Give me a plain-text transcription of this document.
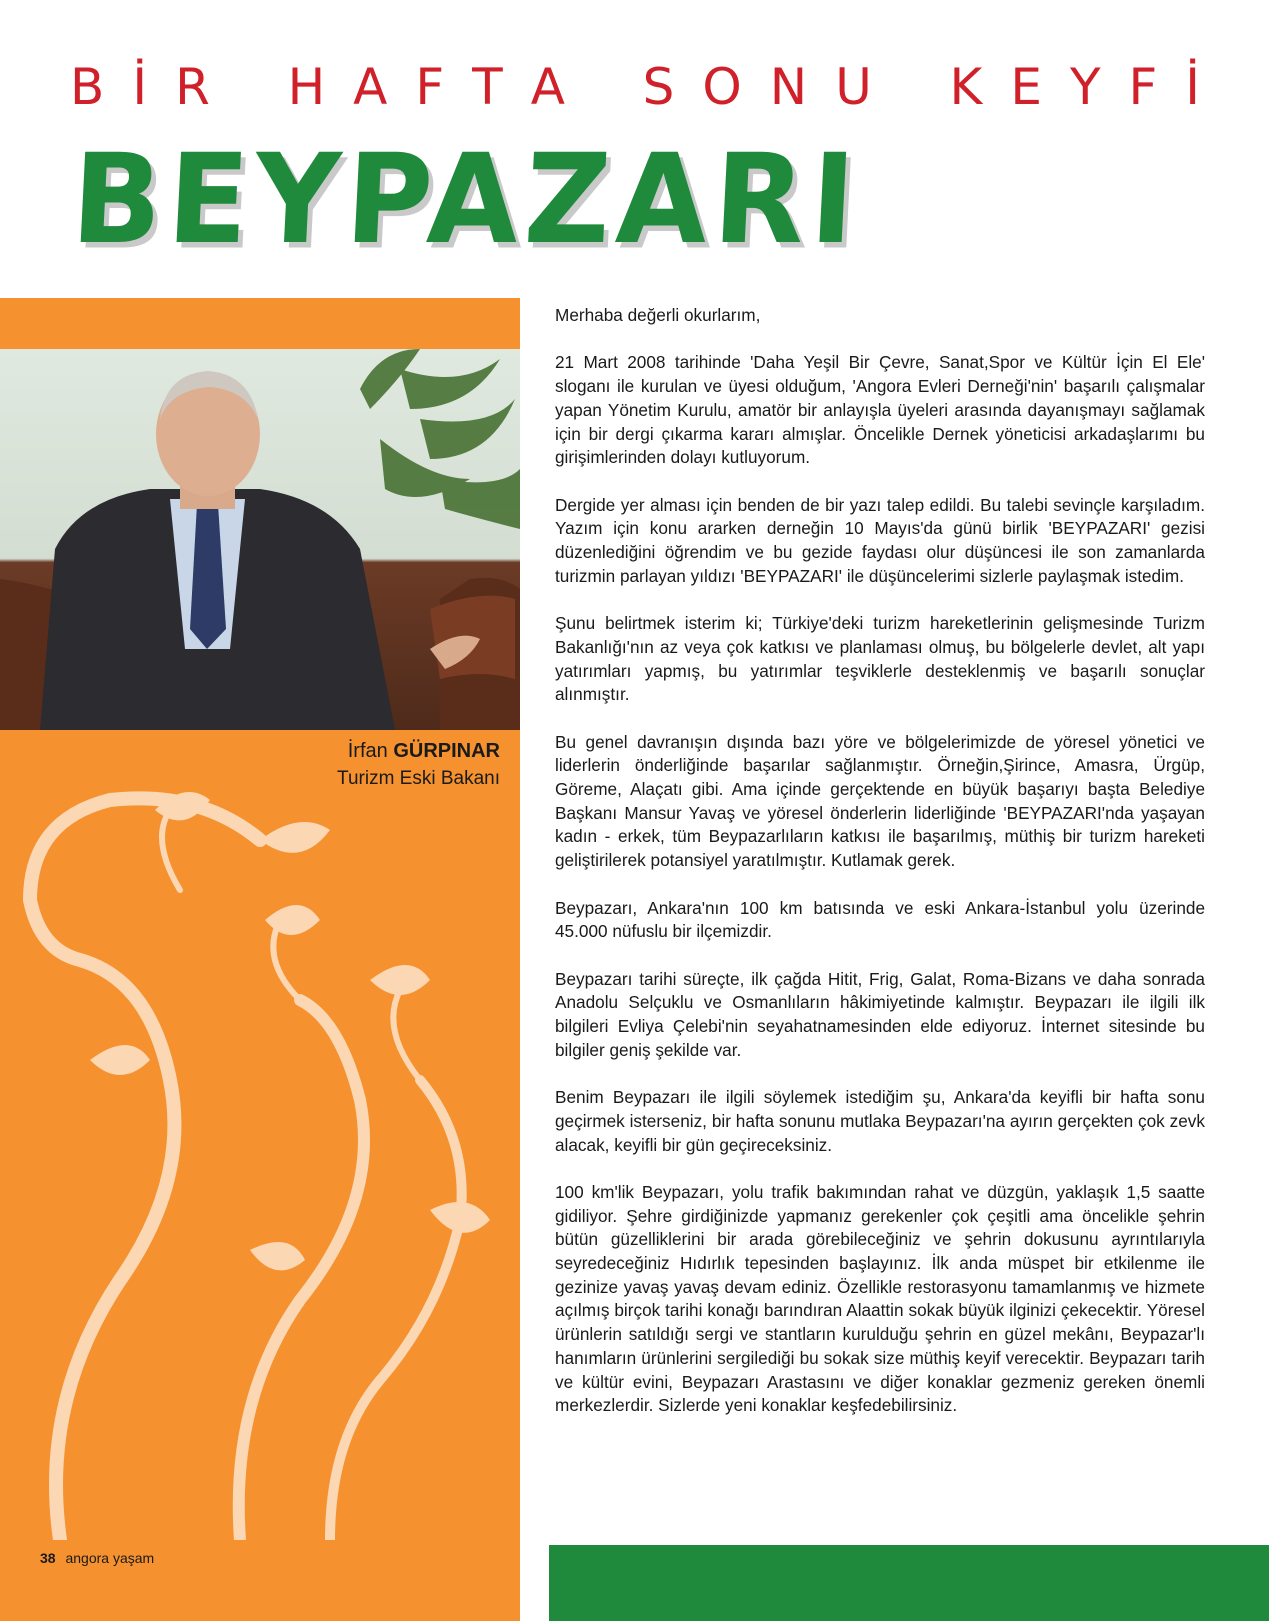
B İ R H A F T A S O N U K E Y F İ
BEYPAZARI
İrfan GÜRPINAR
Turizm Eski Bakanı

Merhaba değerli okurlarım,

21 Mart 2008 tarihinde 'Daha Yeşil Bir Çevre, Sanat,Spor ve Kültür İçin El Ele' sloganı ile kurulan ve üyesi olduğum, 'Angora Evleri Derneği'nin' başarılı çalışmalar yapan Yönetim Kurulu, amatör bir anlayışla üyeleri arasında dayanışmayı sağlamak için bir dergi çıkarma kararı almışlar. Öncelikle Dernek yöneticisi arkadaşlarımı bu girişimlerinden dolayı kutluyorum.

Dergide yer alması için benden de bir yazı talep edildi. Bu talebi sevinçle karşıladım. Yazım için konu ararken derneğin 10 Mayıs'da günü birlik 'BEYPAZARI' gezisi düzenlediğini öğrendim ve bu gezide faydası olur düşüncesi ile son zamanlarda turizmin parlayan yıldızı 'BEYPAZARI' ile düşüncelerimi sizlerle paylaşmak istedim.

Şunu belirtmek isterim ki; Türkiye'deki turizm hareketlerinin gelişmesinde Turizm Bakanlığı'nın az veya çok katkısı ve planlaması olmuş, bu bölgelerle devlet, alt yapı yatırımları yapmış, bu yatırımlar teşviklerle desteklenmiş ve başarılı sonuçlar alınmıştır.

Bu genel davranışın dışında bazı yöre ve bölgelerimizde de yöresel yönetici ve liderlerin önderliğinde başarılar sağlanmıştır. Örneğin,Şirince, Amasra, Ürgüp, Göreme, Alaçatı gibi. Ama içinde gerçektende en büyük başarıyı başta Belediye Başkanı Mansur Yavaş ve yöresel önderlerin liderliğinde 'BEYPAZARI'nda yaşayan kadın - erkek, tüm Beypazarlıların katkısı ile başarılmış, müthiş bir turizm hareketi geliştirilerek potansiyel yaratılmıştır. Kutlamak gerek.

Beypazarı, Ankara'nın 100 km batısında ve eski Ankara-İstanbul yolu üzerinde 45.000 nüfuslu bir ilçemizdir.

Beypazarı tarihi süreçte, ilk çağda Hitit, Frig, Galat, Roma-Bizans ve daha sonrada Anadolu Selçuklu ve Osmanlıların hâkimiyetinde kalmıştır. Beypazarı ile ilgili ilk bilgileri Evliya Çelebi'nin seyahatnamesinden elde ediyoruz. İnternet sitesinde bu bilgiler geniş şekilde var.

Benim Beypazarı ile ilgili söylemek istediğim şu, Ankara'da keyifli bir hafta sonu geçirmek isterseniz, bir hafta sonunu mutlaka Beypazarı'na ayırın gerçekten çok zevk alacak, keyifli bir gün geçireceksiniz.

100 km'lik Beypazarı, yolu trafik bakımından rahat ve düzgün, yaklaşık 1,5 saatte gidiliyor. Şehre girdiğinizde yapmanız gerekenler çok çeşitli ama öncelikle şehrin bütün güzelliklerini bir arada görebileceğiniz ve şehrin dokusunu ayrıntılarıyla seyredeceğiniz Hıdırlık tepesinden başlayınız. İlk anda müspet bir etkilenme ile gezinize yavaş yavaş devam ediniz. Özellikle restorasyonu tamamlanmış ve hizmete açılmış birçok tarihi konağı barındıran Alaattin sokak büyük ilginizi çekecektir. Yöresel ürünlerin satıldığı sergi ve stantların kurulduğu şehrin en güzel mekânı, Beypazar'lı hanımların ürünlerini sergilediği bu sokak size müthiş keyif verecektir. Beypazarı tarih ve kültür evini, Beypazarı Arastasını ve diğer konaklar gezmeniz gereken önemli merkezlerdir. Sizlerde yeni konaklar keşfedebilirsiniz.

38 angora yaşam
